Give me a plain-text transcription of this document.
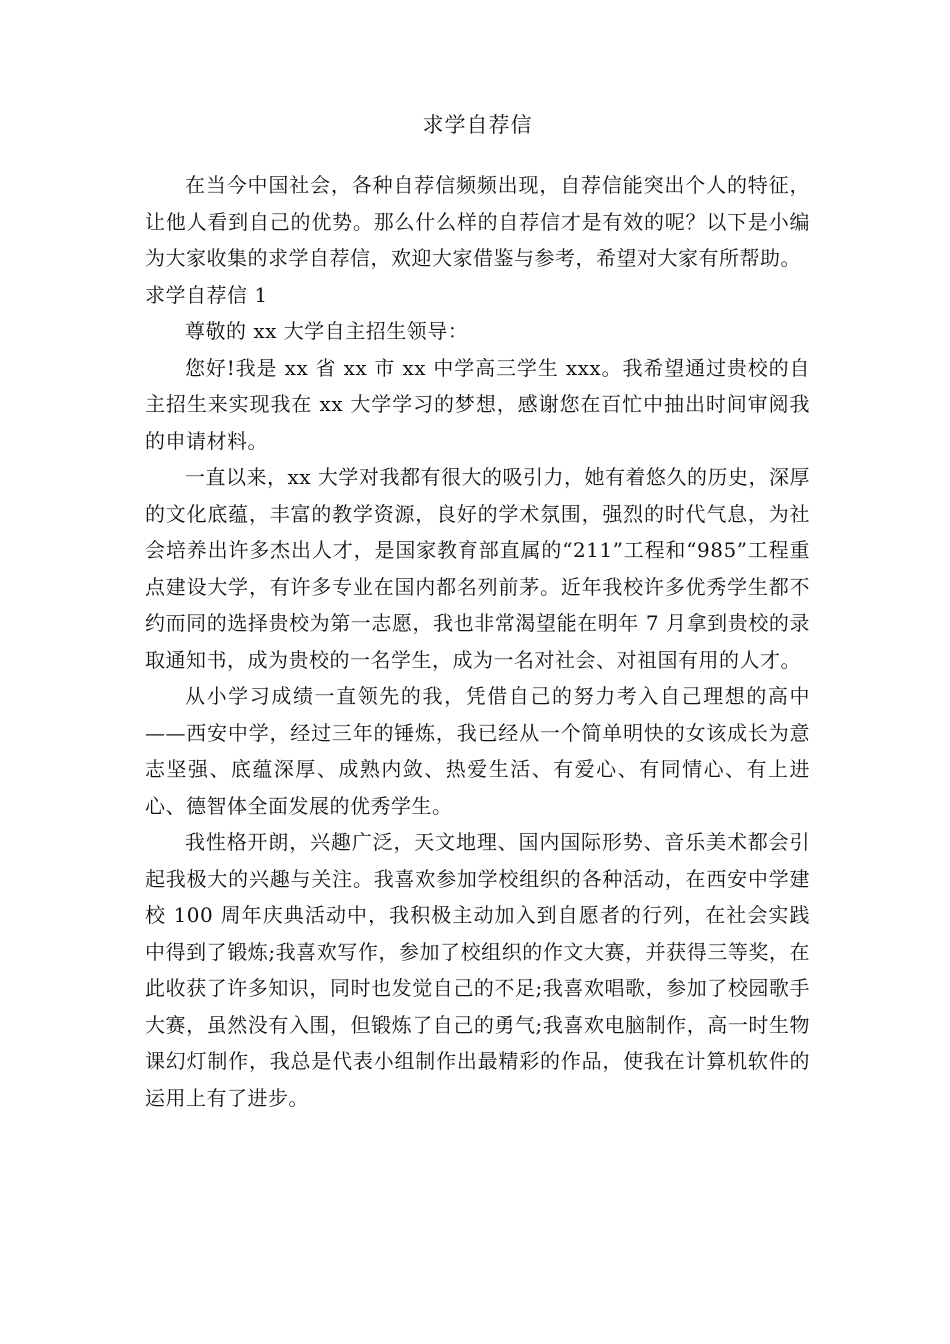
求学自荐信

在当今中国社会，各种自荐信频频出现，自荐信能突出个人的特征，让他人看到自己的优势。那么什么样的自荐信才是有效的呢？以下是小编为大家收集的求学自荐信，欢迎大家借鉴与参考，希望对大家有所帮助。

求学自荐信 1

尊敬的 xx 大学自主招生领导：

您好!我是 xx 省 xx 市 xx 中学高三学生 xxx。我希望通过贵校的自主招生来实现我在 xx 大学学习的梦想，感谢您在百忙中抽出时间审阅我的申请材料。

一直以来，xx 大学对我都有很大的吸引力，她有着悠久的历史，深厚的文化底蕴，丰富的教学资源，良好的学术氛围，强烈的时代气息，为社会培养出许多杰出人才，是国家教育部直属的“211”工程和“985”工程重点建设大学，有许多专业在国内都名列前茅。近年我校许多优秀学生都不约而同的选择贵校为第一志愿，我也非常渴望能在明年 7 月拿到贵校的录取通知书，成为贵校的一名学生，成为一名对社会、对祖国有用的人才。

从小学习成绩一直领先的我，凭借自己的努力考入自己理想的高中——西安中学，经过三年的锤炼，我已经从一个简单明快的女该成长为意志坚强、底蕴深厚、成熟内敛、热爱生活、有爱心、有同情心、有上进心、德智体全面发展的优秀学生。

我性格开朗，兴趣广泛，天文地理、国内国际形势、音乐美术都会引起我极大的兴趣与关注。我喜欢参加学校组织的各种活动，在西安中学建校 100 周年庆典活动中，我积极主动加入到自愿者的行列，在社会实践中得到了锻炼;我喜欢写作，参加了校组织的作文大赛，并获得三等奖，在此收获了许多知识，同时也发觉自己的不足;我喜欢唱歌，参加了校园歌手大赛，虽然没有入围，但锻炼了自己的勇气;我喜欢电脑制作，高一时生物课幻灯制作，我总是代表小组制作出最精彩的作品，使我在计算机软件的运用上有了进步。
